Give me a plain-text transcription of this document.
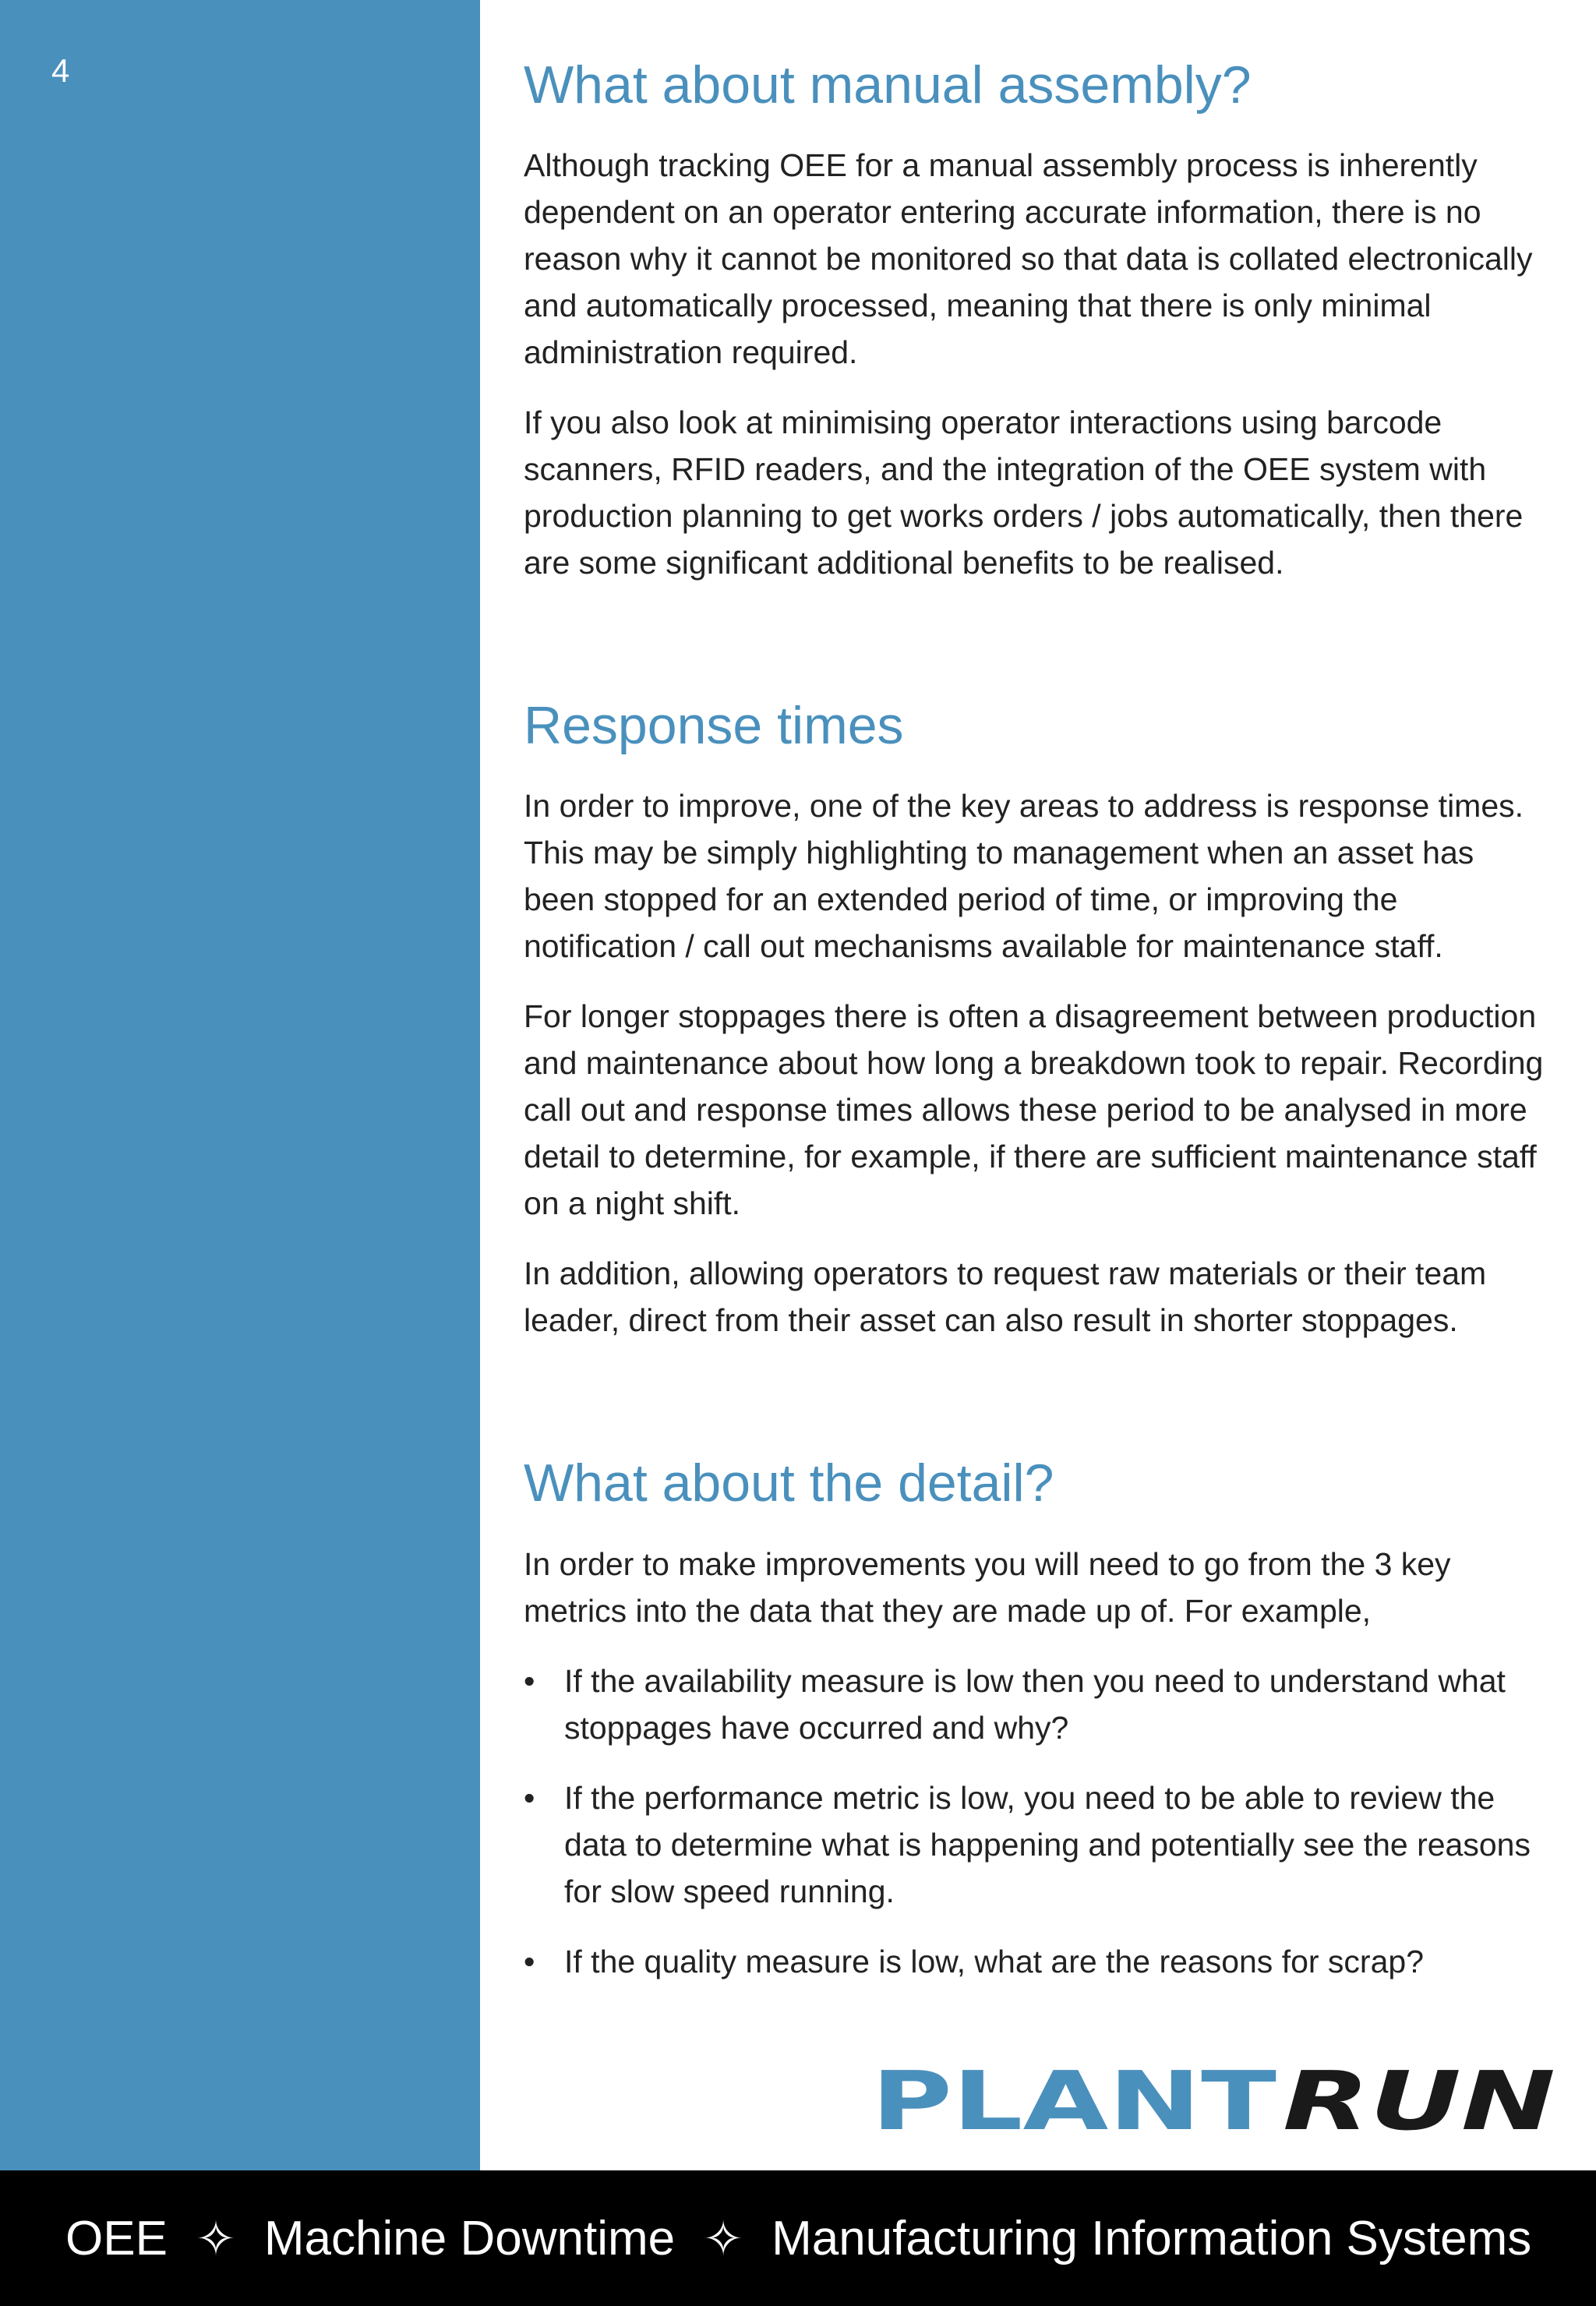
4	What about manual assembly?

Although tracking OEE for a manual assembly process is inherently dependent on an operator entering accurate information, there is no reason why it cannot be monitored so that data is collated electronically and automatically processed, meaning that there is only minimal administration required.

If you also look at minimising operator interactions using barcode scanners, RFID readers, and the integration of the OEE system with production planning to get works orders / jobs automatically, then there are some significant additional benefits to be realised.

Response times

In order to improve, one of the key areas to address is response times. This may be simply highlighting to management when an asset has been stopped for an extended period of time, or improving the notification / call out mechanisms available for maintenance staff.

For longer stoppages there is often a disagreement between production and maintenance about how long a breakdown took to repair. Recording call out and response times allows these period to be analysed in more detail to determine, for example, if there are sufficient maintenance staff on a night shift.

In addition, allowing operators to request raw materials or their team leader, direct from their asset can also result in shorter stoppages.

What about the detail?

In order to make improvements you will need to go from the 3 key metrics into the data that they are made up of. For example,

• If the availability measure is low then you need to understand what stoppages have occurred and why?
• If the performance metric is low, you need to be able to review the data to determine what is happening and potentially see the reasons for slow speed running.
• If the quality measure is low, what are the reasons for scrap?
PLANT RUN
OEE ✧ Machine Downtime ✧ Manufacturing Information Systems
